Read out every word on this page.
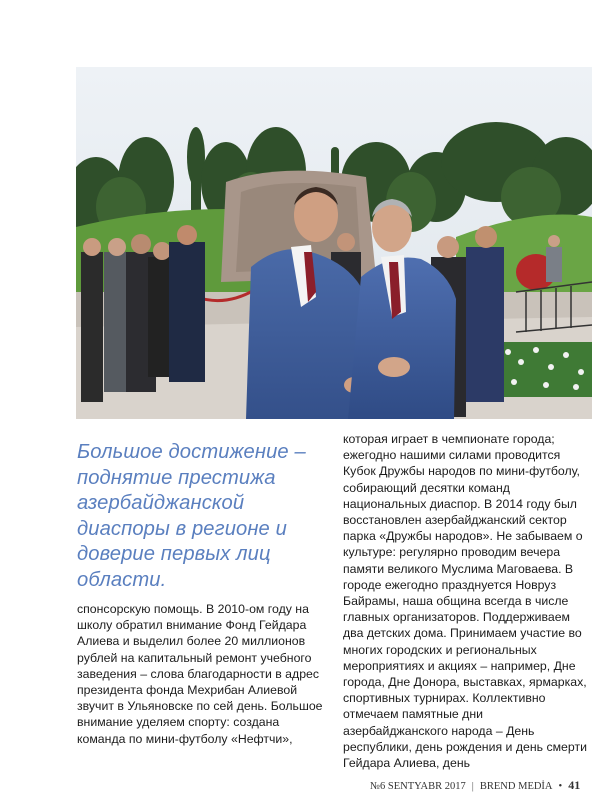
Большое достижение – поднятие престижа азербайджанской диаспоры в регионе и доверие первых лиц области.

спонсорскую помощь. В 2010-ом году на школу обратил внимание Фонд Гейдара Алиева и выделил более 20 миллионов рублей на капитальный ремонт учебного заведения – слова благодарности в адрес президента фонда Мехрибан Алиевой звучит в Ульяновске по сей день. Большое внимание уделяем спорту: создана команда по мини-футболу «Нефтчи»,

которая играет в чемпионате города; ежегодно нашими силами проводится Кубок Дружбы народов по мини-футболу, собирающий десятки команд национальных диаспор. В 2014 году был восстановлен азербайджанский сектор парка «Дружбы народов». Не забываем о культуре: регулярно проводим вечера памяти великого Муслима Маговаева. В городе ежегодно празднуется Новруз Байрамы, наша община всегда в числе главных организаторов. Поддерживаем два детских дома. Принимаем участие во многих городских и региональных мероприятиях и акциях – например, Дне города, Дне Донора, выставках, ярмарках, спортивных турнирах. Коллективно отмечаем памятные дни азербайджанского народа – День республики, день рождения и день смерти Гейдара Алиева, день

№6 SENTYABR 2017 | BREND MEDİA • 41
